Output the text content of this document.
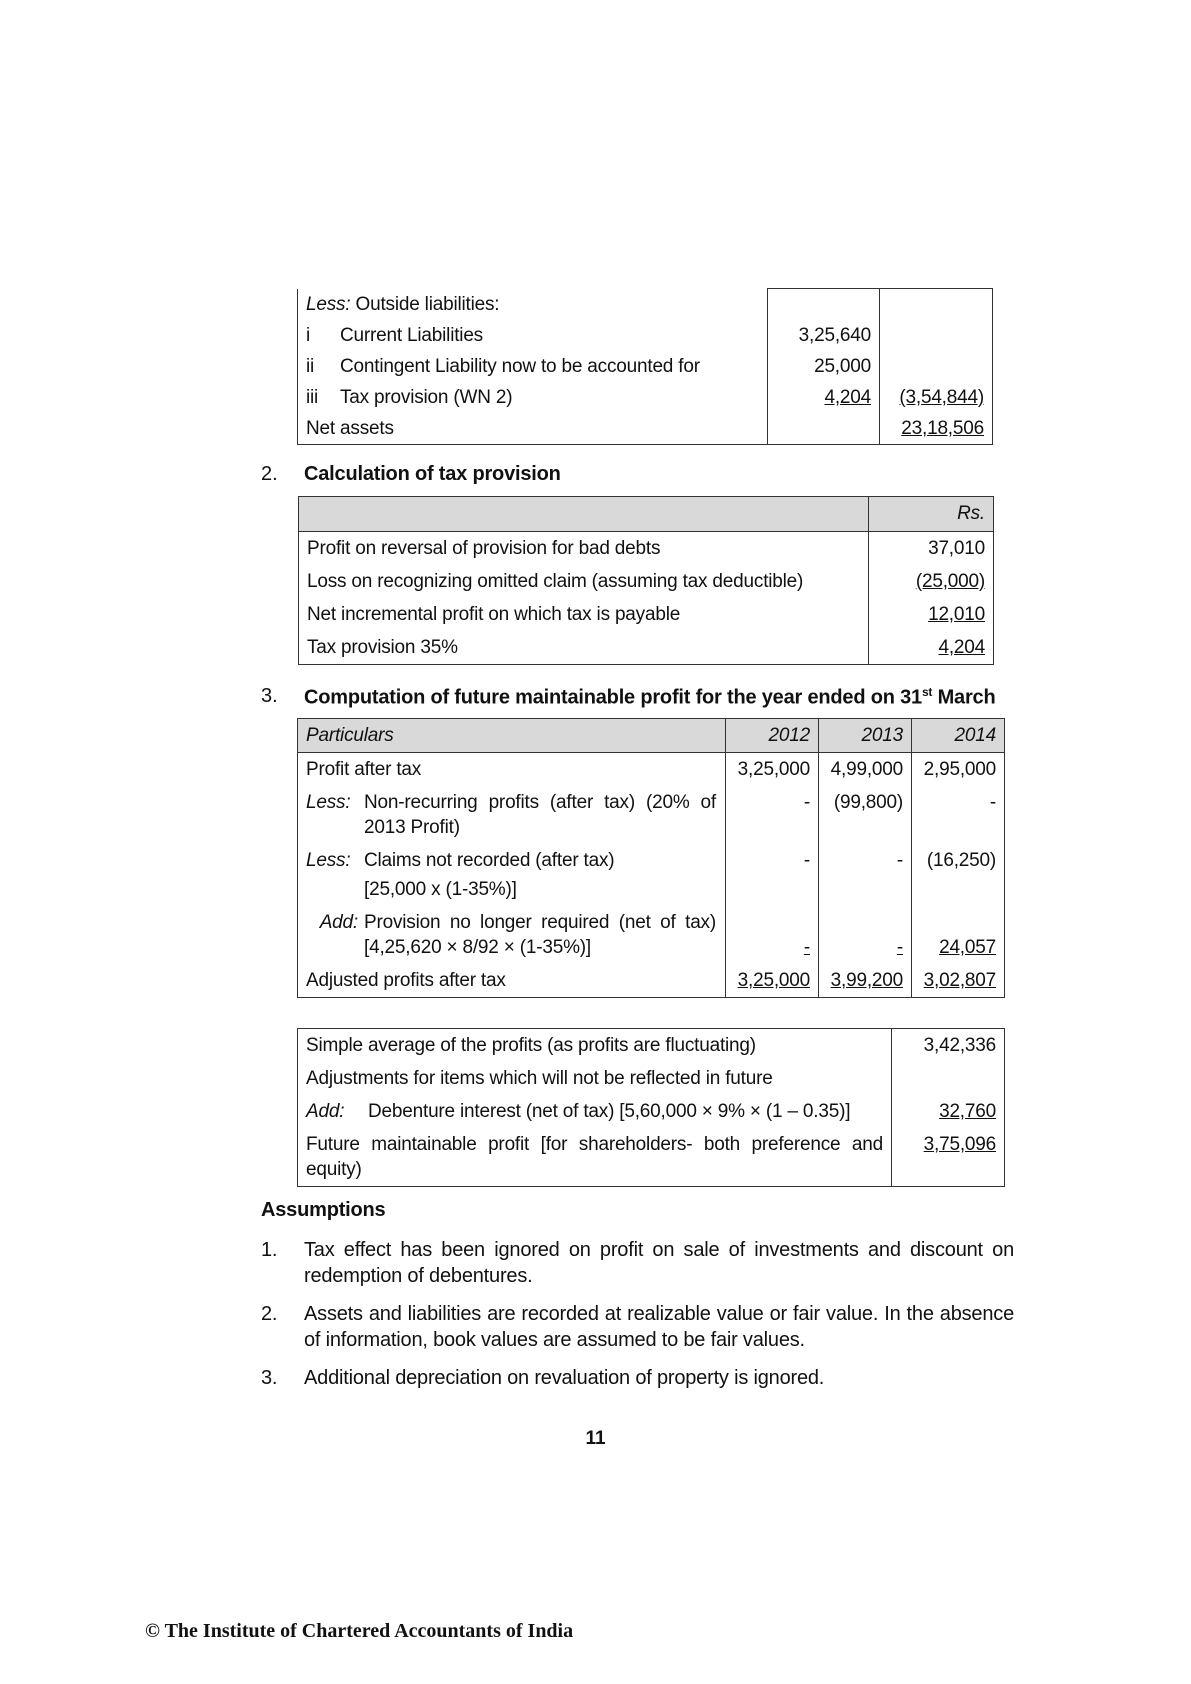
Less: Outside liabilities:		
i Current Liabilities	3,25,640	
ii Contingent Liability now to be accounted for	25,000	
iii Tax provision (WN 2)	4,204	(3,54,844)
Net assets		23,18,506
2. Calculation of tax provision
	Rs.
Profit on reversal of provision for bad debts	37,010
Loss on recognizing omitted claim (assuming tax deductible)	(25,000)
Net incremental profit on which tax is payable	12,010
Tax provision 35%	4,204
3. Computation of future maintainable profit for the year ended on 31st March
Particulars	2012	2013	2014
Profit after tax	3,25,000	4,99,000	2,95,000
Less: Non-recurring profits (after tax) (20% of 2013 Profit)	-	(99,800)	-
Less: Claims not recorded (after tax)
[25,000 x (1-35%)]	-	-	(16,250)
Add: Provision no longer required (net of tax) [4,25,620 × 8/92 × (1-35%)]	-	-	24,057
Adjusted profits after tax	3,25,000	3,99,200	3,02,807
Simple average of the profits (as profits are fluctuating)	3,42,336
Adjustments for items which will not be reflected in future	
Add: Debenture interest (net of tax) [5,60,000 × 9% × (1 – 0.35)]	32,760
Future maintainable profit [for shareholders- both preference and equity)	3,75,096
Assumptions
1. Tax effect has been ignored on profit on sale of investments and discount on redemption of debentures.
2. Assets and liabilities are recorded at realizable value or fair value. In the absence of information, book values are assumed to be fair values.
3. Additional depreciation on revaluation of property is ignored.
11
© The Institute of Chartered Accountants of India
